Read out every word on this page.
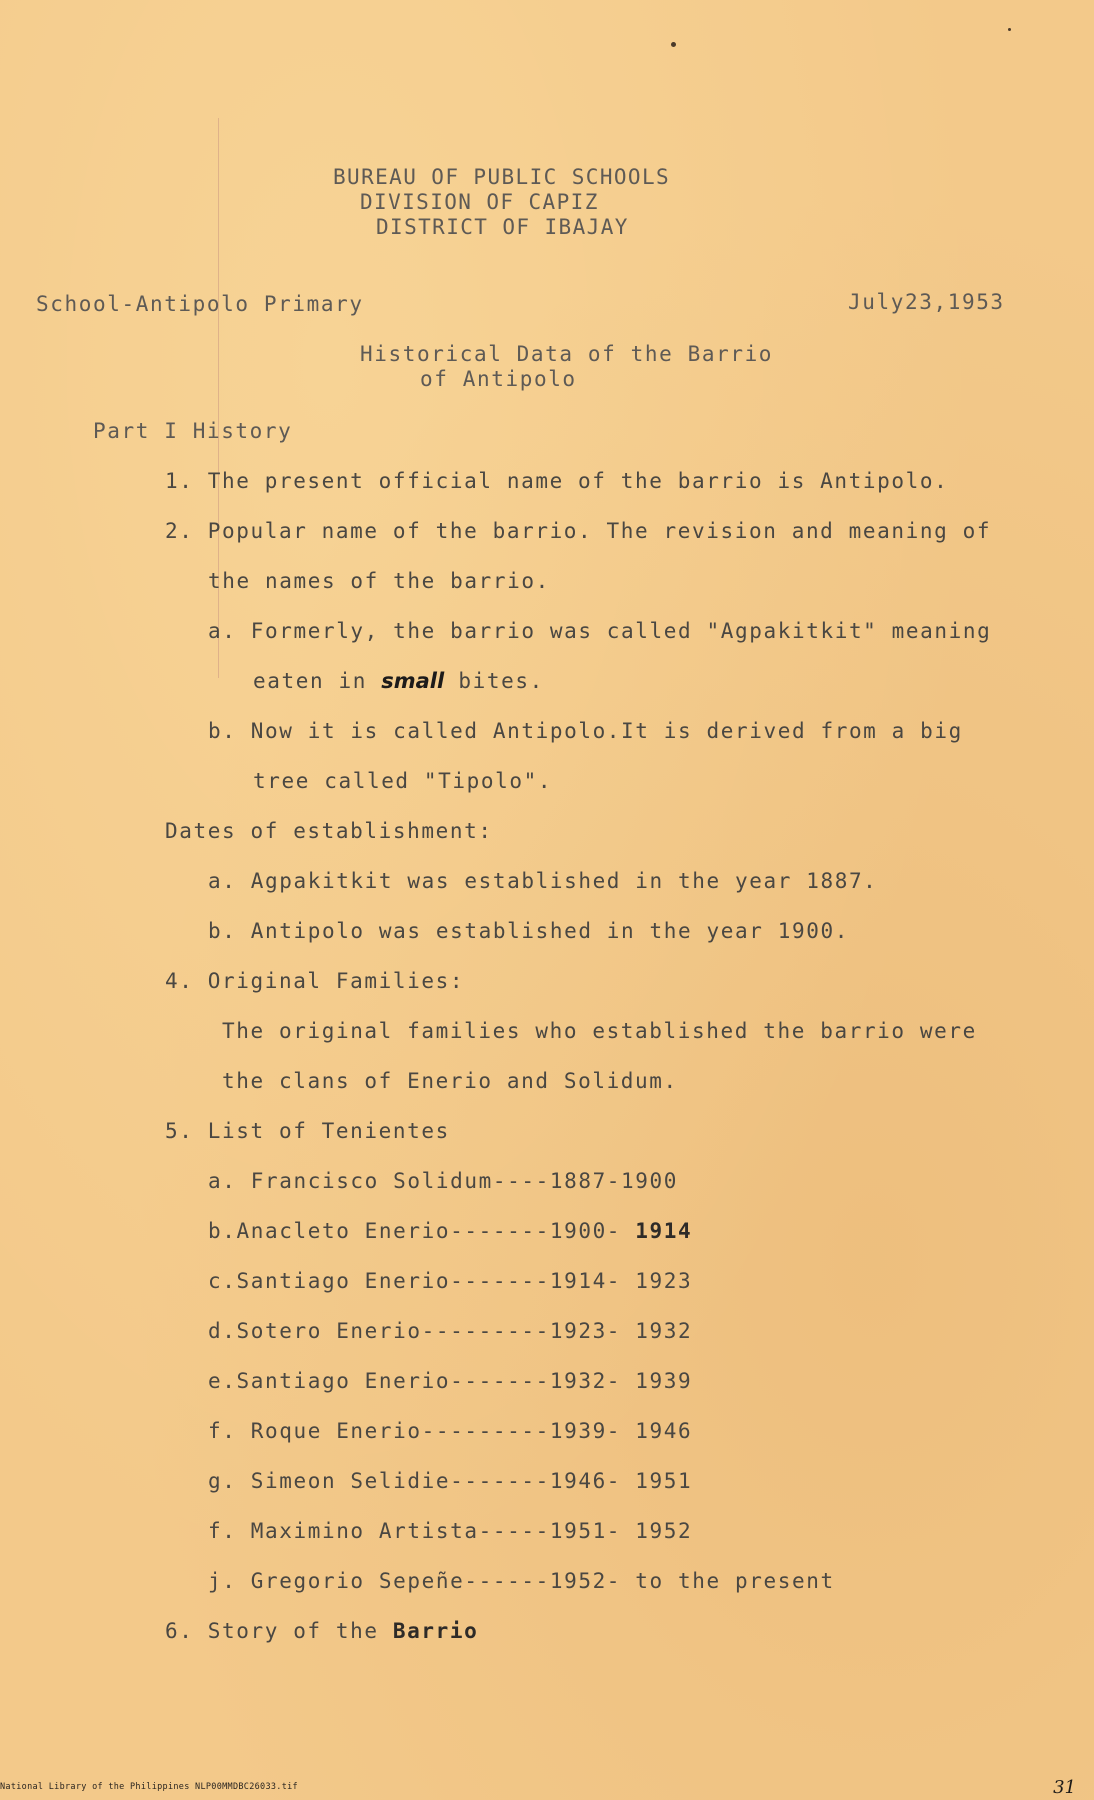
BUREAU OF PUBLIC SCHOOLS
DIVISION OF CAPIZ
DISTRICT OF IBAJAY
School-Antipolo Primary	July23,1953
Historical Data of the Barrio
of Antipolo
Part I History
1. The present official name of the barrio is Antipolo.
2. Popular name of the barrio. The revision and meaning of
the names of the barrio.
a. Formerly, the barrio was called "Agpakitkit" meaning
eaten in small bites.
b. Now it is called Antipolo.It is derived from a big
tree called "Tipolo".
Dates of establishment:
a. Agpakitkit was established in the year 1887.
b. Antipolo was established in the year 1900.
4. Original Families:
The original families who established the barrio were
the clans of Enerio and Solidum.
5. List of Tenientes
a. Francisco Solidum----1887-1900
b.Anacleto Enerio-------1900- 1914
c.Santiago Enerio-------1914- 1923
d.Sotero Enerio---------1923- 1932
e.Santiago Enerio-------1932- 1939
f. Roque Enerio---------1939- 1946
g. Simeon Selidie-------1946- 1951
f. Maximino Artista-----1951- 1952
j. Gregorio Sepeñe------1952- to the present
6. Story of the Barrio
National Library of the Philippines NLP00MMDBC26033.tif	31
